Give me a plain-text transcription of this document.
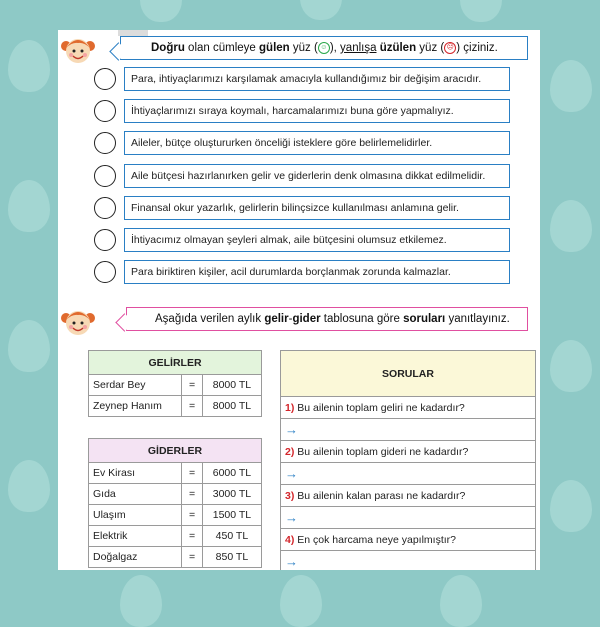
Doğru olan cümleye gülen yüz ( ☺ ), yanlışa üzülen yüz ( ☹ ) çiziniz.
Para, ihtiyaçlarımızı karşılamak amacıyla kullandığımız bir değişim aracıdır.
İhtiyaçlarımızı sıraya koymalı, harcamalarımızı buna göre yapmalıyız.
Aileler, bütçe oluştururken önceliği isteklere göre belirlemelidirler.
Aile bütçesi hazırlanırken gelir ve giderlerin denk olmasına dikkat edilmelidir.
Finansal okur yazarlık, gelirlerin bilinçsizce kullanılması anlamına gelir.
İhtiyacımız olmayan şeyleri almak, aile bütçesini olumsuz etkilemez.
Para biriktiren kişiler, acil durumlarda borçlanmak zorunda kalmazlar.
Aşağıda verilen aylık gelir-gider tablosuna göre soruları yanıtlayınız.
GELİRLER		
Serdar Bey	=	8000 TL
Zeynep Hanım	=	8000 TL
GİDERLER		
Ev Kirası	=	6000 TL
Gıda	=	3000 TL
Ulaşım	=	1500 TL
Elektrik	=	450 TL
Doğalgaz	=	850 TL
SORULAR
1) Bu ailenin toplam geliri ne kadardır?
→
2) Bu ailenin toplam gideri ne kadardır?
→
3) Bu ailenin kalan parası ne kadardır?
→
4) En çok harcama neye yapılmıştır?
→
